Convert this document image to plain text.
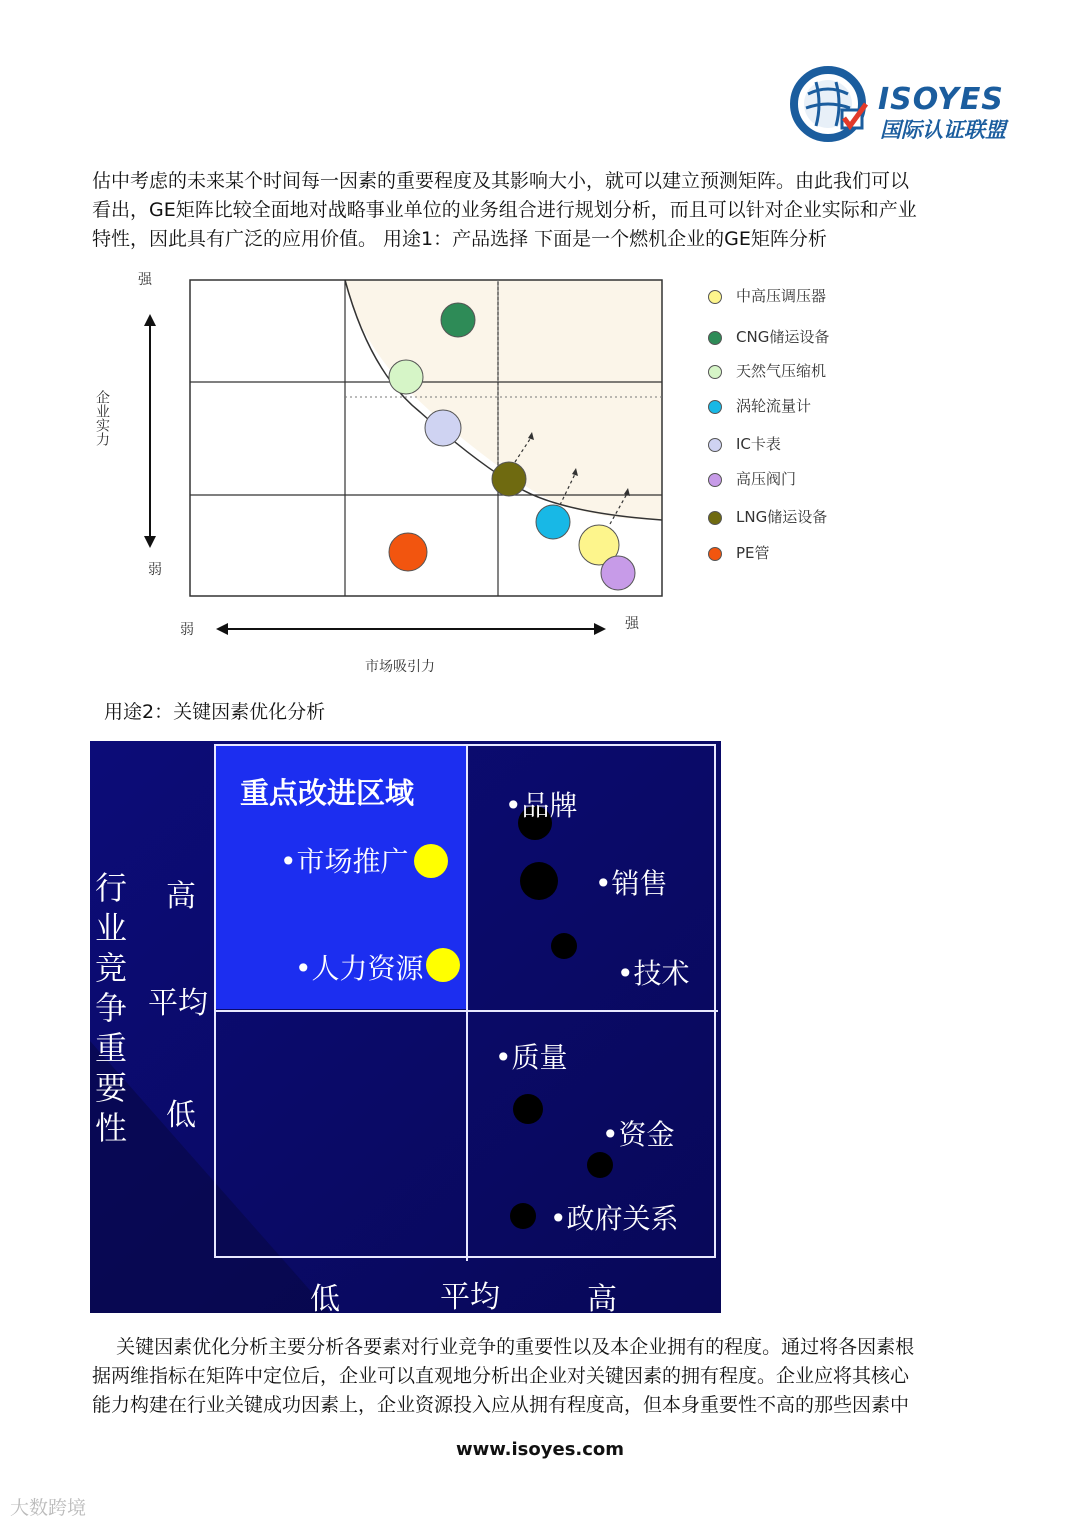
ISOYES
国际认证联盟

估中考虑的未来某个时间每一因素的重要程度及其影响大小，就可以建立预测矩阵。由此我们可以

看出，GE矩阵比较全面地对战略事业单位的业务组合进行规划分析，而且可以针对企业实际和产业

特性，因此具有广泛的应用价值。 用途1：产品选择 下面是一个燃机企业的GE矩阵分析

强
弱
弱	强
市场吸引力
企业实力
中高压调压器
CNG储运设备
天然气压缩机
涡轮流量计
IC卡表
高压阀门
LNG储运设备
PE管
用途2：关键因素优化分析
行
业
竞
争
重
要
性
高
平均
低
低	平均	高
重点改进区域
•市场推广
•人力资源
•品牌
•销售
•技术
•质量
•资金
•政府关系

关键因素优化分析主要分析各要素对行业竞争的重要性以及本企业拥有的程度。通过将各因素根

据两维指标在矩阵中定位后，企业可以直观地分析出企业对关键因素的拥有程度。企业应将其核心

能力构建在行业关键成功因素上，企业资源投入应从拥有程度高，但本身重要性不高的那些因素中

www.isoyes.com
大数跨境
